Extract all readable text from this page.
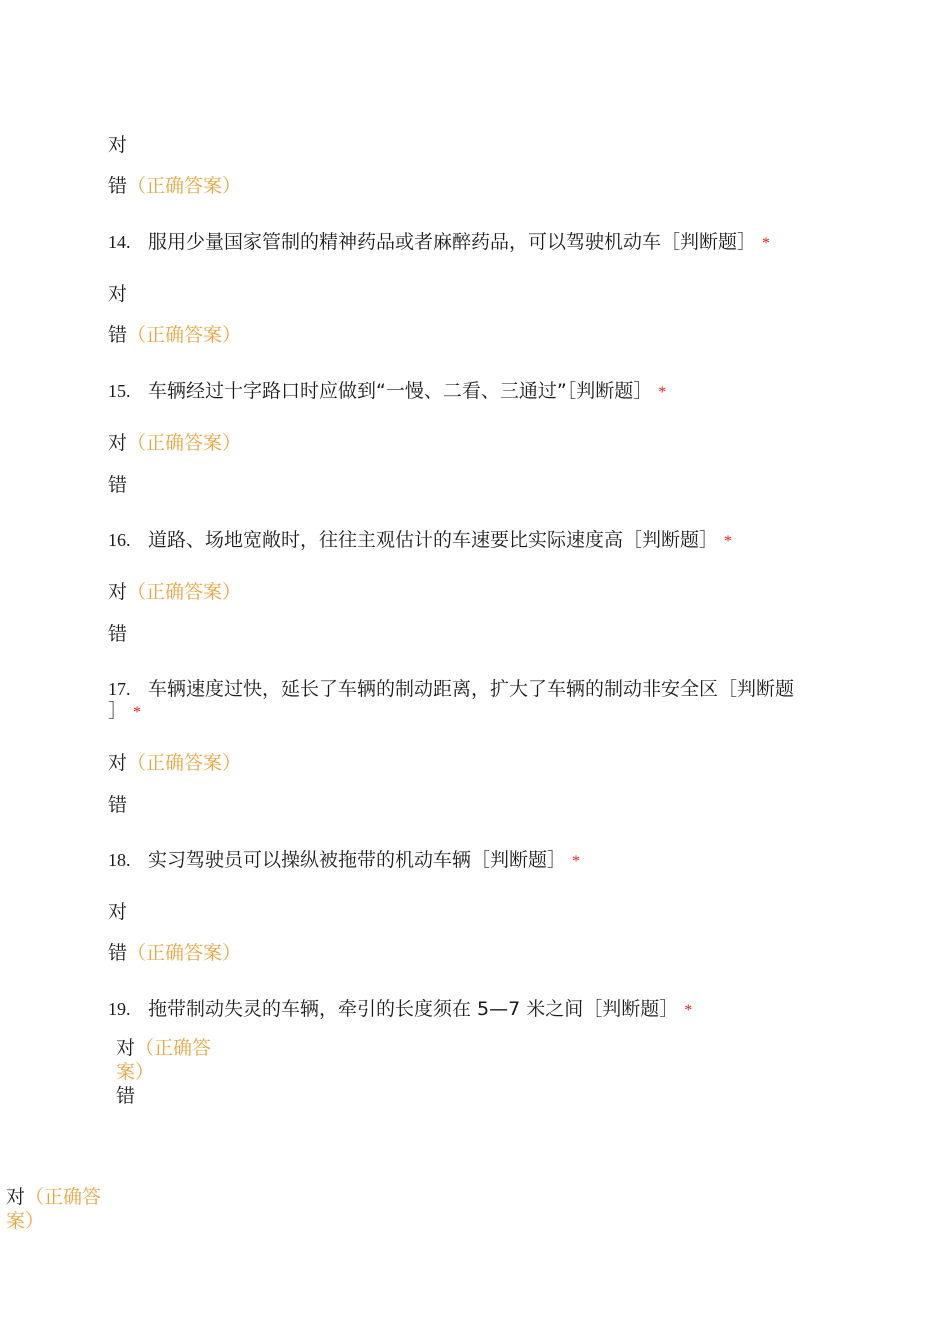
对
错（正确答案）
14. 服用少量国家管制的精神药品或者麻醉药品，可以驾驶机动车［判断题］ *
对
错（正确答案）
15. 车辆经过十字路口时应做到“一慢、二看、三通过”［判断题］ *
对（正确答案）
错
16. 道路、场地宽敞时，往往主观估计的车速要比实际速度高［判断题］ *
对（正确答案）
错
17. 车辆速度过快，延长了车辆的制动距离，扩大了车辆的制动非安全区［判断题
］ *
对（正确答案）
错
18. 实习驾驶员可以操纵被拖带的机动车辆［判断题］ *
对
错（正确答案）
19. 拖带制动失灵的车辆，牵引的长度须在 5—7 米之间［判断题］ *
对（正确答
案）
错
对（正确答
案）
